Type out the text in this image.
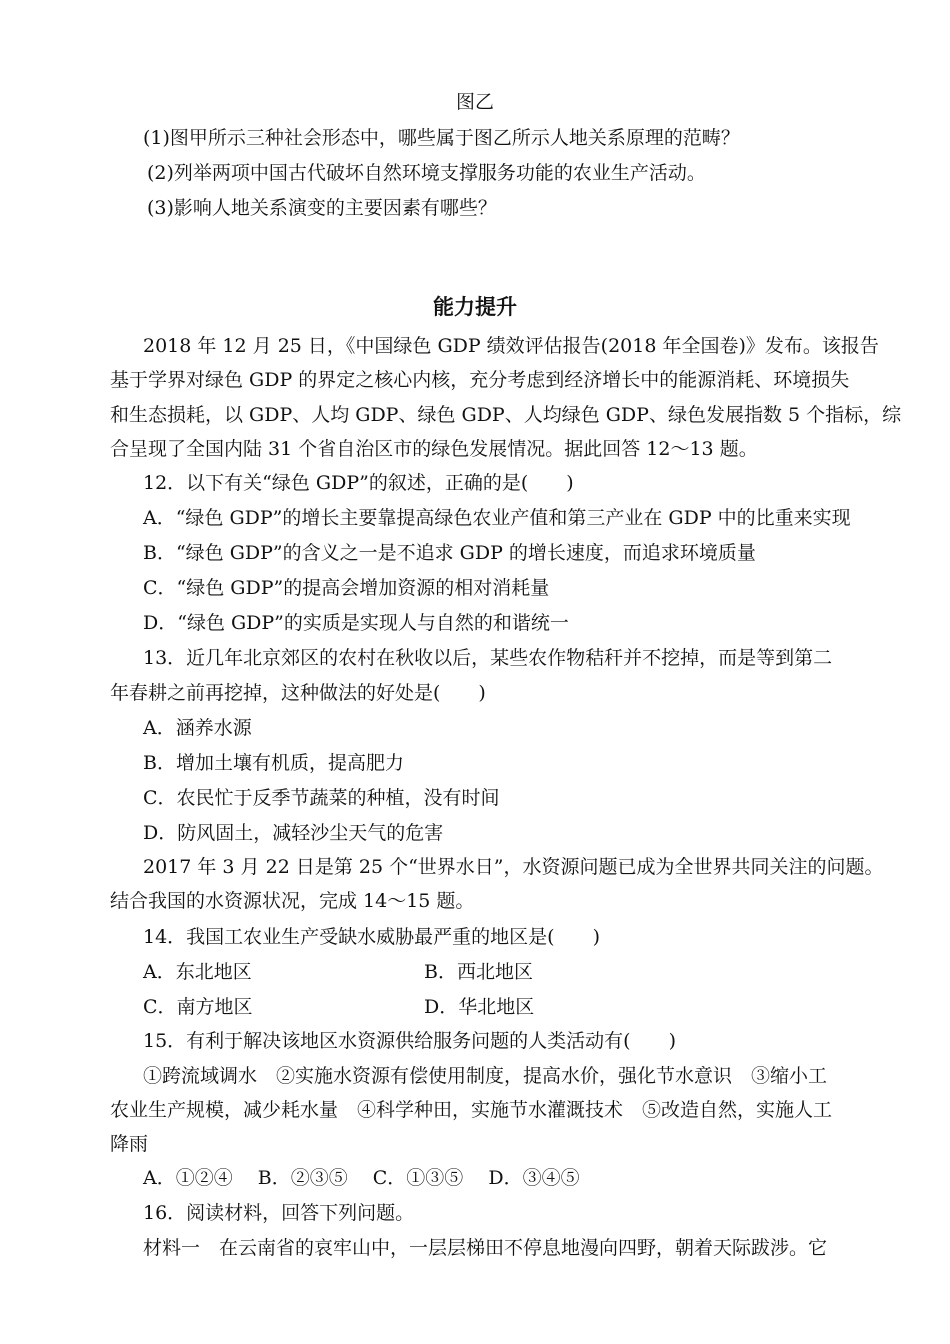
图乙
(1)图甲所示三种社会形态中，哪些属于图乙所示人地关系原理的范畴？
(2)列举两项中国古代破坏自然环境支撑服务功能的农业生产活动。
(3)影响人地关系演变的主要因素有哪些？
能力提升
2018 年 12 月 25 日，《中国绿色 GDP 绩效评估报告(2018 年全国卷)》发布。该报告
基于学界对绿色 GDP 的界定之核心内核，充分考虑到经济增长中的能源消耗、环境损失
和生态损耗，以 GDP、人均 GDP、绿色 GDP、人均绿色 GDP、绿色发展指数 5 个指标，综
合呈现了全国内陆 31 个省自治区市的绿色发展情况。据此回答 12～13 题。
12．以下有关“绿色 GDP”的叙述，正确的是(　　)
A．“绿色 GDP”的增长主要靠提高绿色农业产值和第三产业在 GDP 中的比重来实现
B．“绿色 GDP”的含义之一是不追求 GDP 的增长速度，而追求环境质量
C．“绿色 GDP”的提高会增加资源的相对消耗量
D．“绿色 GDP”的实质是实现人与自然的和谐统一
13．近几年北京郊区的农村在秋收以后，某些农作物秸秆并不挖掉，而是等到第二
年春耕之前再挖掉，这种做法的好处是(　　)
A．涵养水源
B．增加土壤有机质，提高肥力
C．农民忙于反季节蔬菜的种植，没有时间
D．防风固土，减轻沙尘天气的危害
2017 年 3 月 22 日是第 25 个“世界水日”，水资源问题已成为全世界共同关注的问题。
结合我国的水资源状况，完成 14～15 题。
14．我国工农业生产受缺水威胁最严重的地区是(　　)
A．东北地区	B．西北地区
C．南方地区	D．华北地区
15．有利于解决该地区水资源供给服务问题的人类活动有(　　)
①跨流域调水　②实施水资源有偿使用制度，提高水价，强化节水意识　③缩小工
农业生产规模，减少耗水量　④科学种田，实施节水灌溉技术　⑤改造自然，实施人工
降雨
A．①②④　 B．②③⑤　 C．①③⑤　 D．③④⑤
16．阅读材料，回答下列问题。
材料一　在云南省的哀牢山中，一层层梯田不停息地漫向四野，朝着天际跋涉。它
